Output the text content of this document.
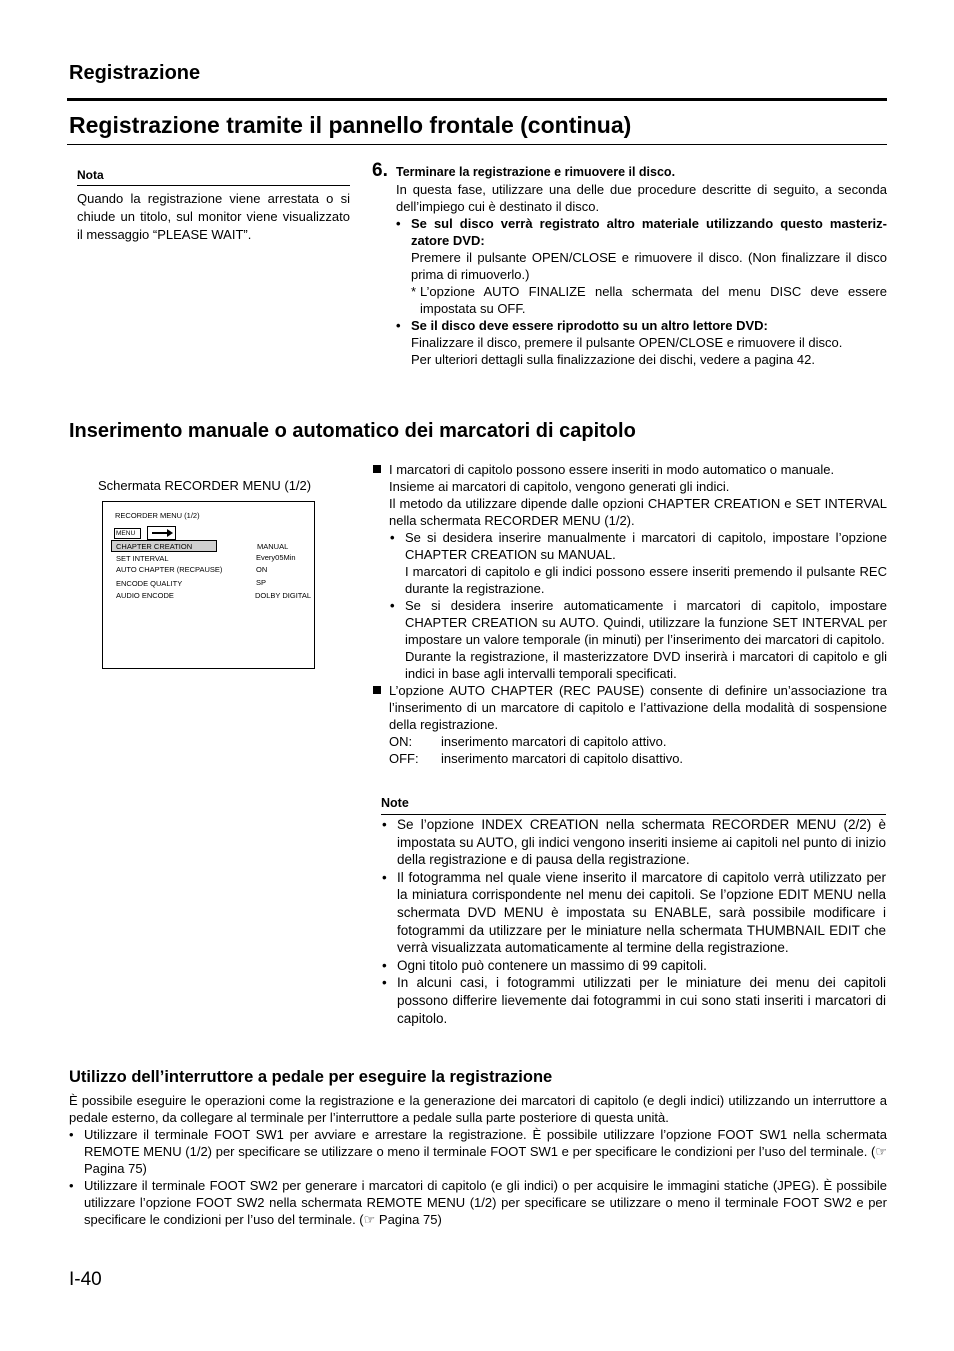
Registrazione
Registrazione tramite il pannello frontale (continua)
Nota
Quando la registrazione viene arrestata o si chiude un titolo, sul monitor viene visualizzato il messaggio “PLEASE WAIT”.
6. Terminare la registrazione e rimuovere il disco.
In questa fase, utilizzare una delle due procedure descritte di seguito, a seconda dell’impiego cui è destinato il disco.
• Se sul disco verrà registrato altro materiale utilizzando questo masterizzatore DVD:
Premere il pulsante OPEN/CLOSE e rimuovere il disco. (Non finalizzare il disco prima di rimuoverlo.)
* L’opzione AUTO FINALIZE nella schermata del menu DISC deve essere impostata su OFF.
• Se il disco deve essere riprodotto su un altro lettore DVD:
Finalizzare il disco, premere il pulsante OPEN/CLOSE e rimuovere il disco.
Per ulteriori dettagli sulla finalizzazione dei dischi, vedere a pagina 42.
Inserimento manuale o automatico dei marcatori di capitolo
Schermata RECORDER MENU (1/2)
RECORDER MENU (1/2)
MENU
CHAPTER CREATION	MANUAL
SET INTERVAL	Every05Min
AUTO CHAPTER (RECPAUSE)	ON
ENCODE QUALITY	SP
AUDIO ENCODE	DOLBY DIGITAL
I marcatori di capitolo possono essere inseriti in modo automatico o manuale.
Insieme ai marcatori di capitolo, vengono generati gli indici.
Il metodo da utilizzare dipende dalle opzioni CHAPTER CREATION e SET INTERVAL nella schermata RECORDER MENU (1/2).
• Se si desidera inserire manualmente i marcatori di capitolo, impostare l’opzione CHAPTER CREATION su MANUAL.
I marcatori di capitolo e gli indici possono essere inseriti premendo il pulsante REC durante la registrazione.
• Se si desidera inserire automaticamente i marcatori di capitolo, impostare CHAPTER CREATION su AUTO. Quindi, utilizzare la funzione SET INTERVAL per impostare un valore temporale (in minuti) per l’inserimento dei marcatori di capitolo.
Durante la registrazione, il masterizzatore DVD inserirà i marcatori di capitolo e gli indici in base agli intervalli temporali specificati.
L’opzione AUTO CHAPTER (REC PAUSE) consente di definire un’associazione tra l’inserimento di un marcatore di capitolo e l’attivazione della modalità di sospensione della registrazione.
ON: inserimento marcatori di capitolo attivo.
OFF: inserimento marcatori di capitolo disattivo.
Note
• Se l’opzione INDEX CREATION nella schermata RECORDER MENU (2/2) è impostata su AUTO, gli indici vengono inseriti insieme ai capitoli nel punto di inizio della registrazione e di pausa della registrazione.
• Il fotogramma nel quale viene inserito il marcatore di capitolo verrà utilizzato per la miniatura corrispondente nel menu dei capitoli. Se l’opzione EDIT MENU nella schermata DVD MENU è impostata su ENABLE, sarà possibile modificare i fotogrammi da utilizzare per le miniature nella schermata THUMBNAIL EDIT che verrà visualizzata automaticamente al termine della registrazione.
• Ogni titolo può contenere un massimo di 99 capitoli.
• In alcuni casi, i fotogrammi utilizzati per le miniature dei menu dei capitoli possono differire lievemente dai fotogrammi in cui sono stati inseriti i marcatori di capitolo.
Utilizzo dell’interruttore a pedale per eseguire la registrazione
È possibile eseguire le operazioni come la registrazione e la generazione dei marcatori di capitolo (e degli indici) utilizzando un interruttore a pedale esterno, da collegare al terminale per l’interruttore a pedale sulla parte posteriore di questa unità.
• Utilizzare il terminale FOOT SW1 per avviare e arrestare la registrazione. È possibile utilizzare l’opzione FOOT SW1 nella schermata REMOTE MENU (1/2) per specificare se utilizzare o meno il terminale FOOT SW1 e per specificare le condizioni per l’uso del terminale. (☞ Pagina 75)
• Utilizzare il terminale FOOT SW2 per generare i marcatori di capitolo (e gli indici) o per acquisire le immagini statiche (JPEG). È possibile utilizzare l’opzione FOOT SW2 nella schermata REMOTE MENU (1/2) per specificare se utilizzare o meno il terminale FOOT SW2 e per specificare le condizioni per l’uso del terminale. (☞ Pagina 75)
I-40
